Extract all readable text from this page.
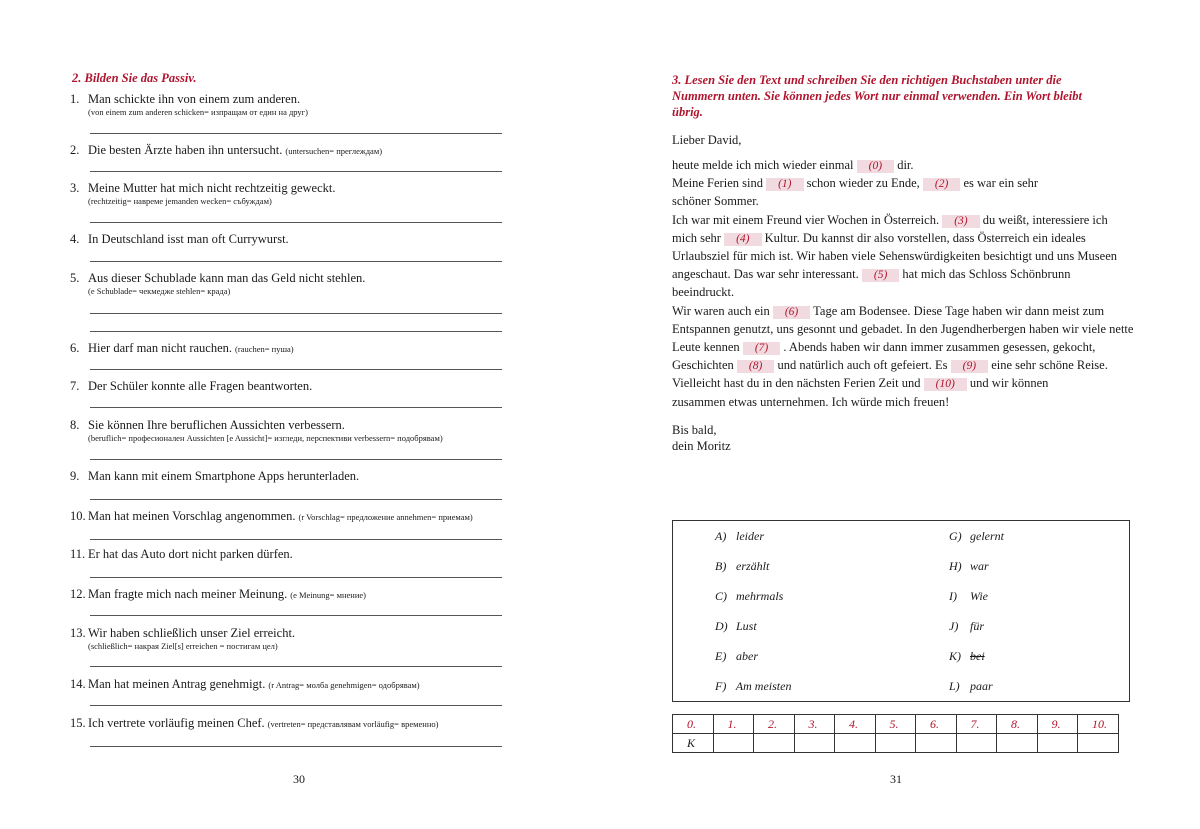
2. Bilden Sie das Passiv.
1. Man schickte ihn von einem zum anderen.
(von einem zum anderen schicken= изпращам от един на друг)
2. Die besten Ärzte haben ihn untersucht. (untersuchen= преглеждам)
3. Meine Mutter hat mich nicht rechtzeitig geweckt.
(rechtzeitig= навреме jemanden wecken= събуждам)
4. In Deutschland isst man oft Currywurst.
5. Aus dieser Schublade kann man das Geld nicht stehlen.
(e Schublade= чекмедже stehlen= крада)
6. Hier darf man nicht rauchen. (rauchen= пуша)
7. Der Schüler konnte alle Fragen beantworten.
8. Sie können Ihre beruflichen Aussichten verbessern.
(beruflich= професионален Aussichten [e Aussicht]= изгледи, перспективи verbessern= подобрявам)
9. Man kann mit einem Smartphone Apps herunterladen.
10. Man hat meinen Vorschlag angenommen. (r Vorschlag= предложение annehmen= приемам)
11. Er hat das Auto dort nicht parken dürfen.
12. Man fragte mich nach meiner Meinung. (e Meinung= мнение)
13. Wir haben schließlich unser Ziel erreicht.
(schließlich= накрая Ziel[s] erreichen = постигам цел)
14. Man hat meinen Antrag genehmigt. (r Antrag= молба genehmigen= одобрявам)
15. Ich vertrete vorläufig meinen Chef. (vertreten= представлявам vorläufig= временно)
30
3. Lesen Sie den Text und schreiben Sie den richtigen Buchstaben unter die Nummern unten. Sie können jedes Wort nur einmal verwenden. Ein Wort bleibt übrig.
Lieber David,
heute melde ich mich wieder einmal (0) dir.
Meine Ferien sind (1) schon wieder zu Ende, (2) es war ein sehr
schöner Sommer.
Ich war mit einem Freund vier Wochen in Österreich. (3) du weißt, interessiere ich
mich sehr (4) Kultur. Du kannst dir also vorstellen, dass Österreich ein ideales
Urlaubsziel für mich ist. Wir haben viele Sehenswürdigkeiten besichtigt und uns Museen
angeschaut. Das war sehr interessant. (5) hat mich das Schloss Schönbrunn
beeindruckt.
Wir waren auch ein (6) Tage am Bodensee. Diese Tage haben wir dann meist zum
Entspannen genutzt, uns gesonnt und gebadet. In den Jugendherbergen haben wir viele nette
Leute kennen (7) . Abends haben wir dann immer zusammen gesessen, gekocht,
Geschichten (8) und natürlich auch oft gefeiert. Es (9) eine sehr schöne Reise.
Vielleicht hast du in den nächsten Ferien Zeit und (10) und wir können
zusammen etwas unternehmen. Ich würde mich freuen!
Bis bald,
dein Moritz
A) leider
B) erzählt
C) mehrmals
D) Lust
E) aber
F) Am meisten
G) gelernt
H) war
I) Wie
J) für
K) bei
L) paar
0.	1.	2.	3.	4.	5.	6.	7.	8.	9.	10.
K										
31
